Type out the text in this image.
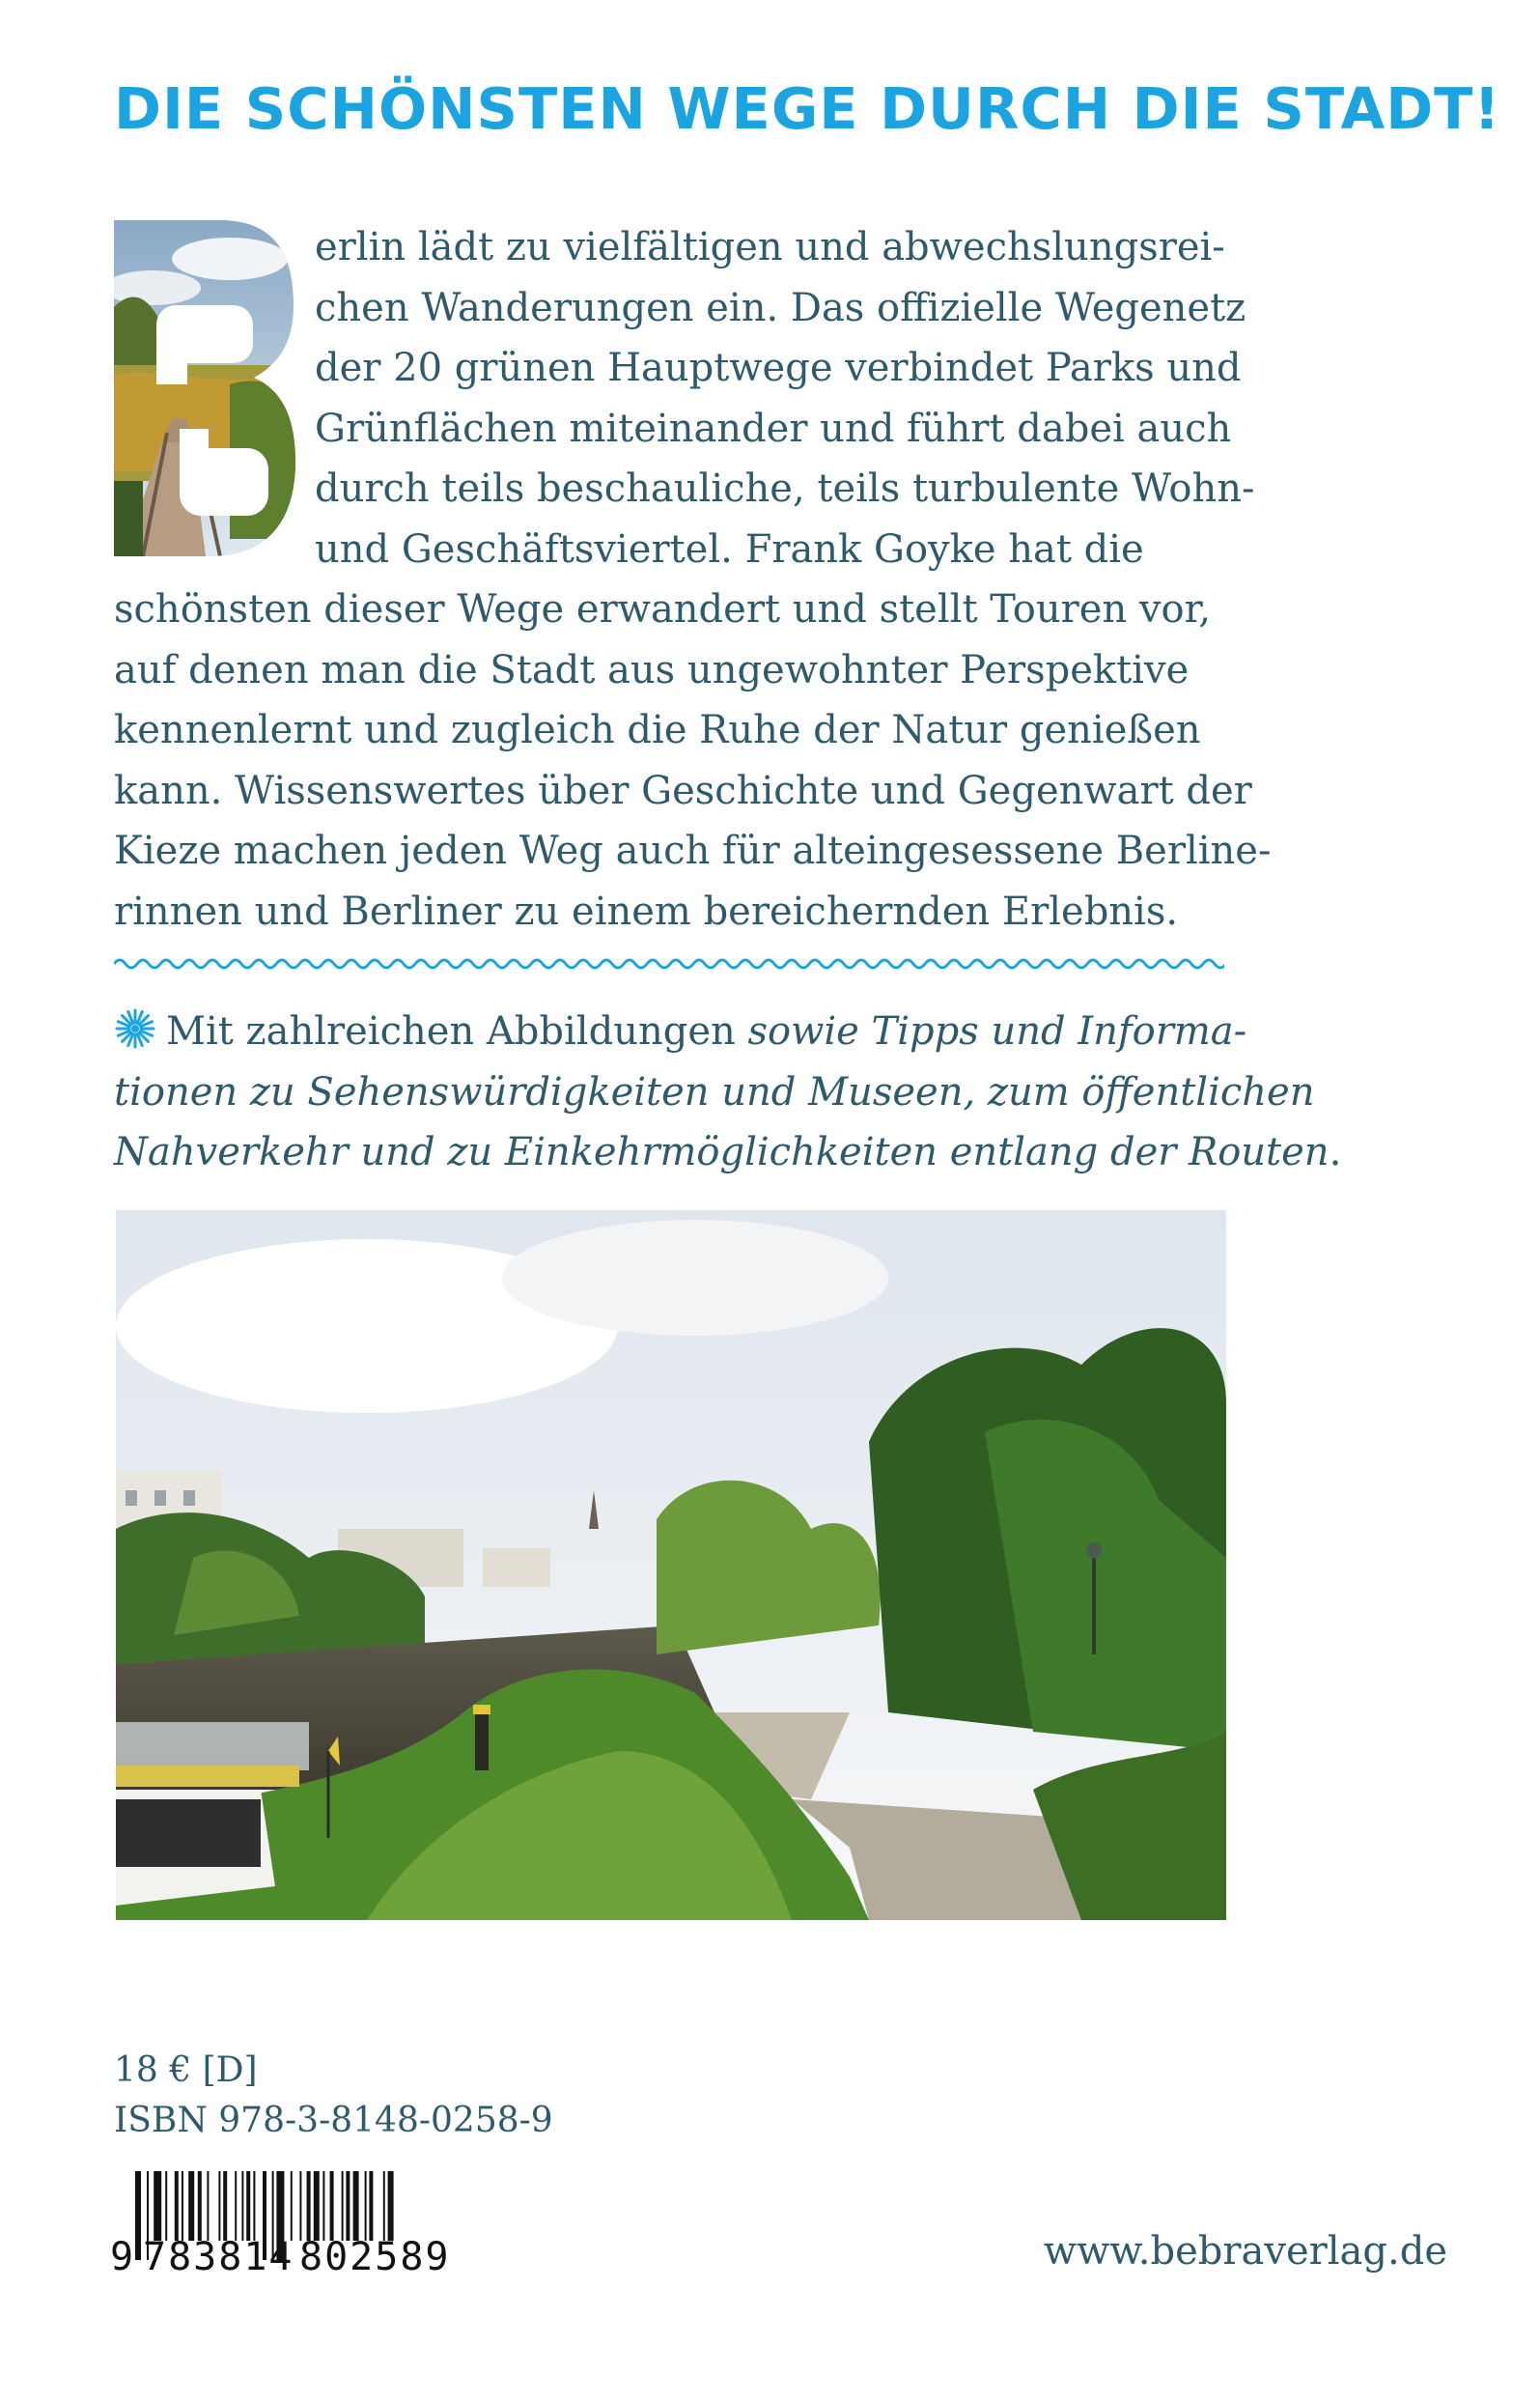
DIE SCHÖNSTEN WEGE DURCH DIE STADT!
erlin lädt zu vielfältigen und abwechslungsrei-
chen Wanderungen ein. Das offizielle Wegenetz
der 20 grünen Hauptwege verbindet Parks und
Grünflächen miteinander und führt dabei auch
durch teils beschauliche, teils turbulente Wohn-
und Geschäftsviertel. Frank Goyke hat die
schönsten dieser Wege erwandert und stellt Touren vor,
auf denen man die Stadt aus ungewohnter Perspektive
kennenlernt und zugleich die Ruhe der Natur genießen
kann. Wissenswertes über Geschichte und Gegenwart der
Kieze machen jeden Weg auch für alteingesessene Berline-
rinnen und Berliner zu einem bereichernden Erlebnis.
Mit zahlreichen Abbildungen sowie Tipps und Informa-
tionen zu Sehenswürdigkeiten und Museen, zum öffentlichen
Nahverkehr und zu Einkehrmöglichkeiten entlang der Routen.
18 € [D]
ISBN 978-3-8148-0258-9
9 783814 802589	www.bebraverlag.de
